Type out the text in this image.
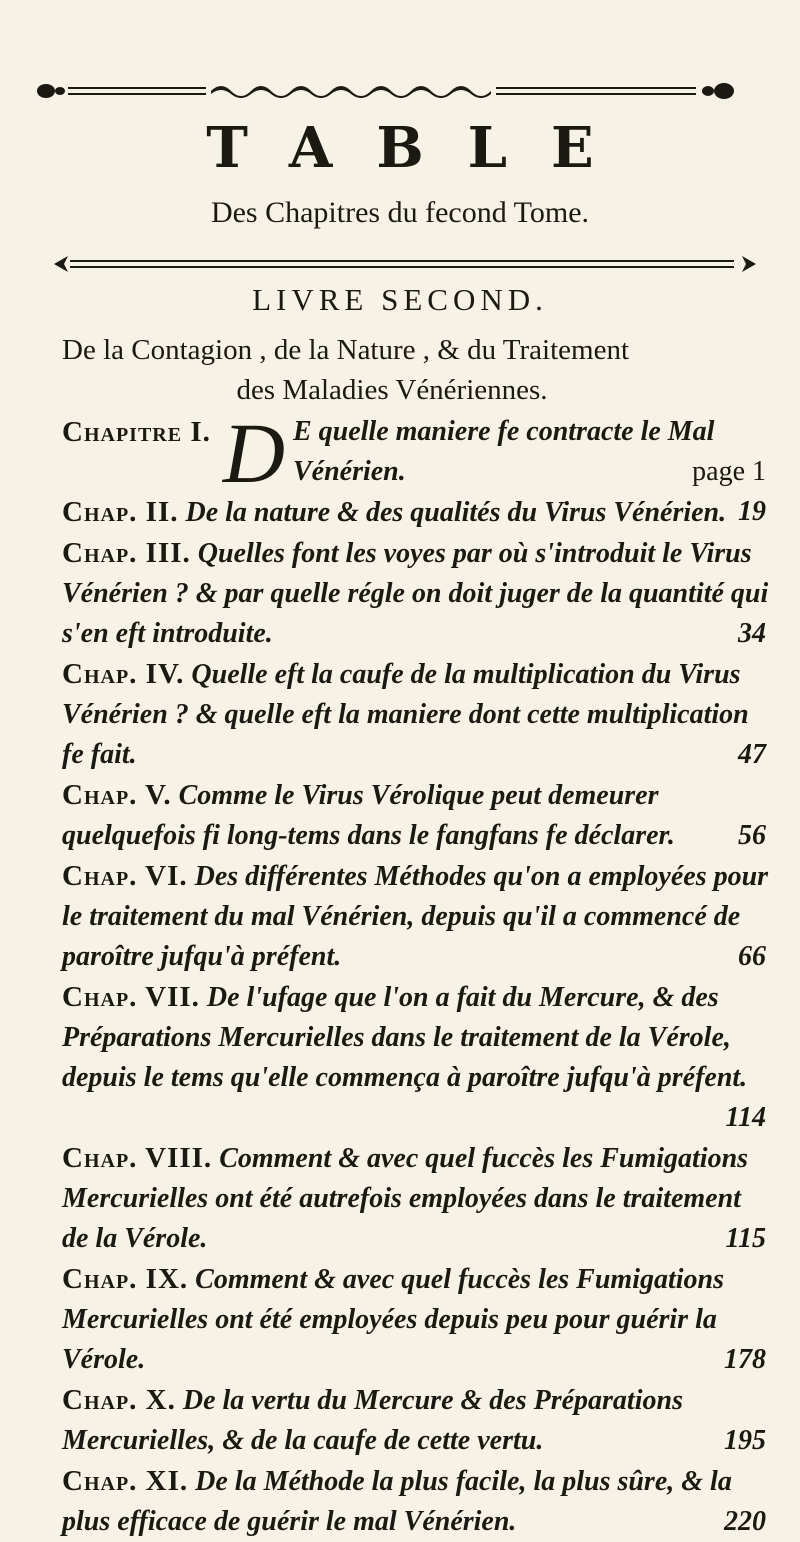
TABLE
Des Chapitres du fecond Tome.
LIVRE SECOND.
De la Contagion , de la Nature , & du Traitement
des Maladies Vénériennes.
Chapitre I. D E quelle maniere fe contracte le Mal Vénérien.	page 1
Chap. II. De la nature & des qualités du Virus Vénérien. 19
Chap. III. Quelles font les voyes par où s'introduit le Virus Vénérien ? & par quelle régle on doit juger de la quantité qui s'en eft introduite.	34
Chap. IV. Quelle eft la caufe de la multiplication du Virus Vénérien ? & quelle eft la maniere dont cette multiplication fe fait.	47
Chap. V. Comme le Virus Vérolique peut demeurer quelquefois fi long-tems dans le fangfans fe déclarer. 56
Chap. VI. Des différentes Méthodes qu'on a employées pour le traitement du mal Vénérien, depuis qu'il a commencé de paroître jufqu'à préfent.	66
Chap. VII. De l'ufage que l'on a fait du Mercure, & des Préparations Mercurielles dans le traitement de la Vérole, depuis le tems qu'elle commença à paroître jufqu'à préfent.
114
Chap. VIII. Comment & avec quel fuccès les Fumigations Mercurielles ont été autrefois employées dans le traitement de la Vérole.	115
Chap. IX. Comment & avec quel fuccès les Fumigations Mercurielles ont été employées depuis peu pour guérir la Vérole.	178
Chap. X. De la vertu du Mercure & des Préparations Mercurielles, & de la caufe de cette vertu.	195
Chap. XI. De la Méthode la plus facile, la plus sûre, & la plus efficace de guérir le mal Vénérien.	220
